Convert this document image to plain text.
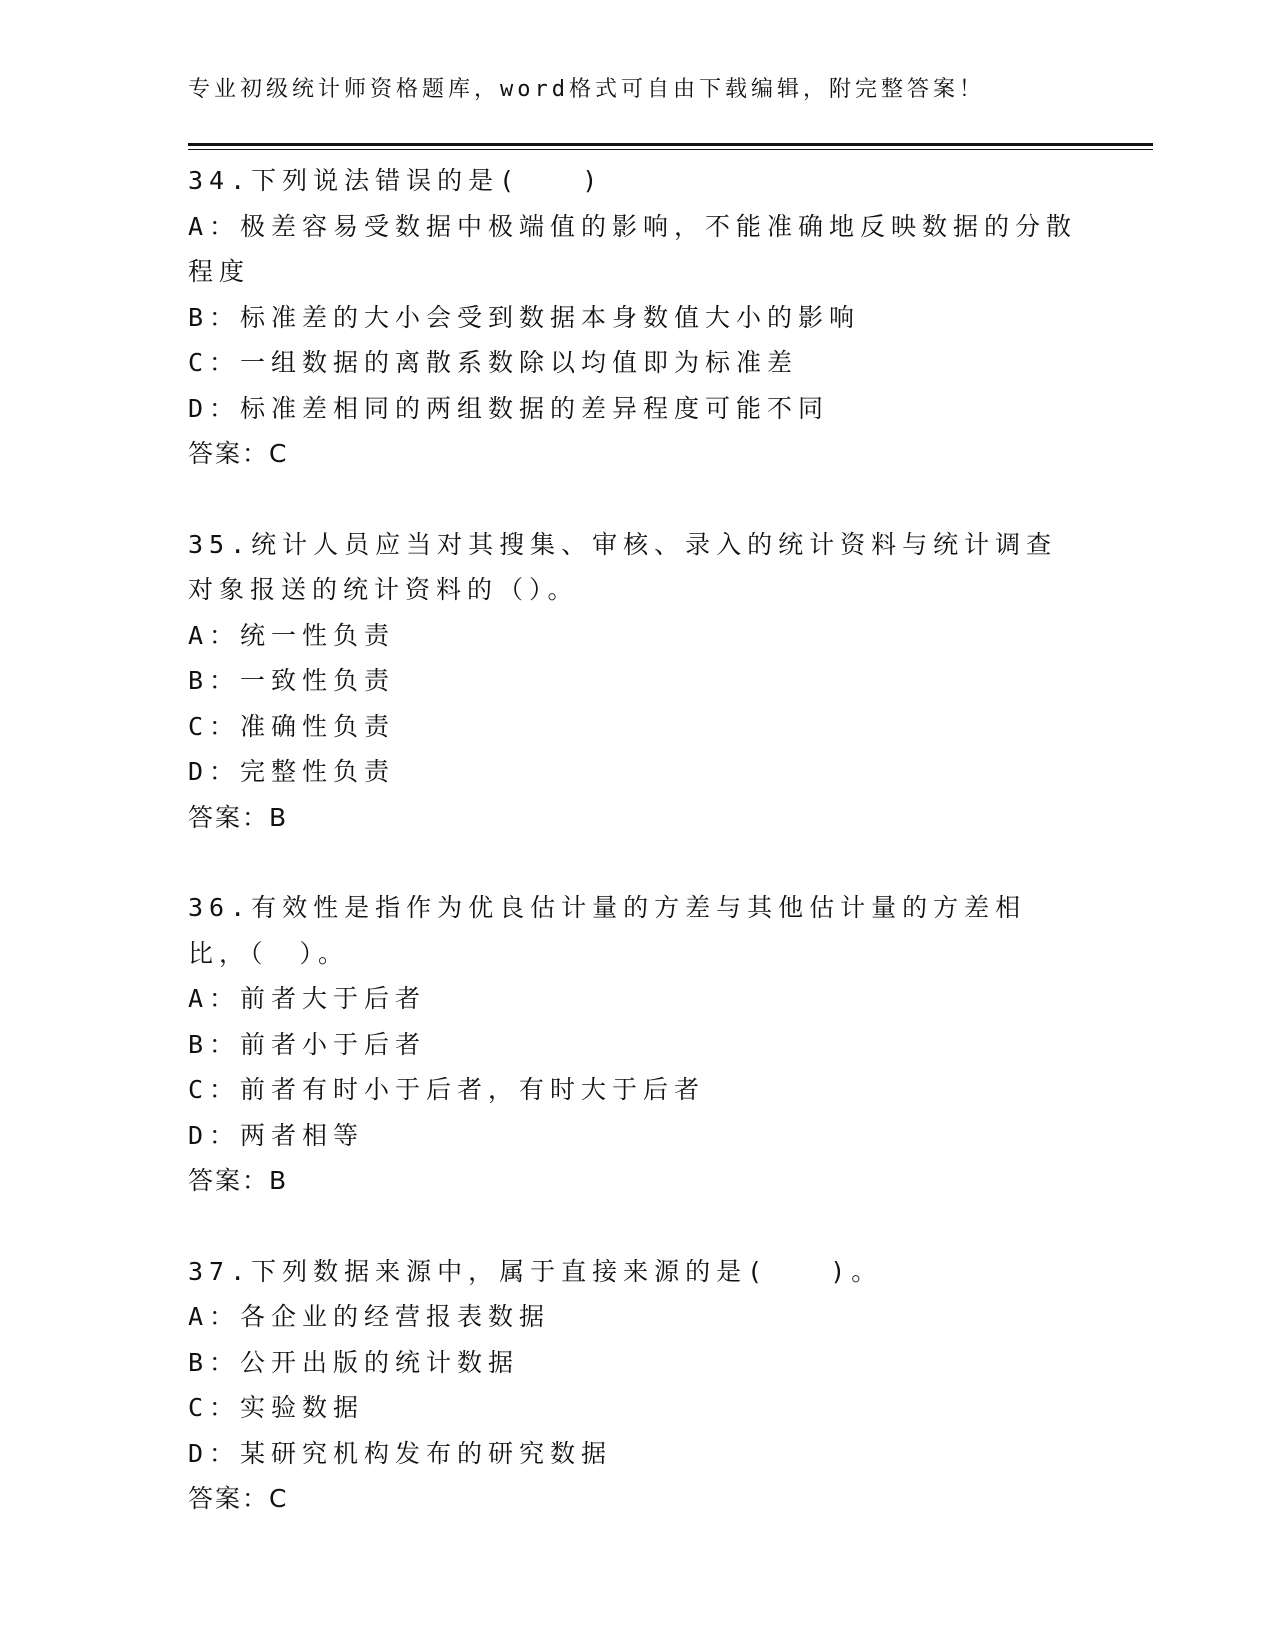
专业初级统计师资格题库，word格式可自由下载编辑，附完整答案！
34.下列说法错误的是(　　)
A：极差容易受数据中极端值的影响，不能准确地反映数据的分散程度
B：标准差的大小会受到数据本身数值大小的影响
C：一组数据的离散系数除以均值即为标准差
D：标准差相同的两组数据的差异程度可能不同
答案：C
35.统计人员应当对其搜集、审核、录入的统计资料与统计调查对象报送的统计资料的（）。
A：统一性负责
B：一致性负责
C：准确性负责
D：完整性负责
答案：B
36.有效性是指作为优良估计量的方差与其他估计量的方差相比，（　）。
A：前者大于后者
B：前者小于后者
C：前者有时小于后者，有时大于后者
D：两者相等
答案：B
37.下列数据来源中，属于直接来源的是(　　)。
A：各企业的经营报表数据
B：公开出版的统计数据
C：实验数据
D：某研究机构发布的研究数据
答案：C
